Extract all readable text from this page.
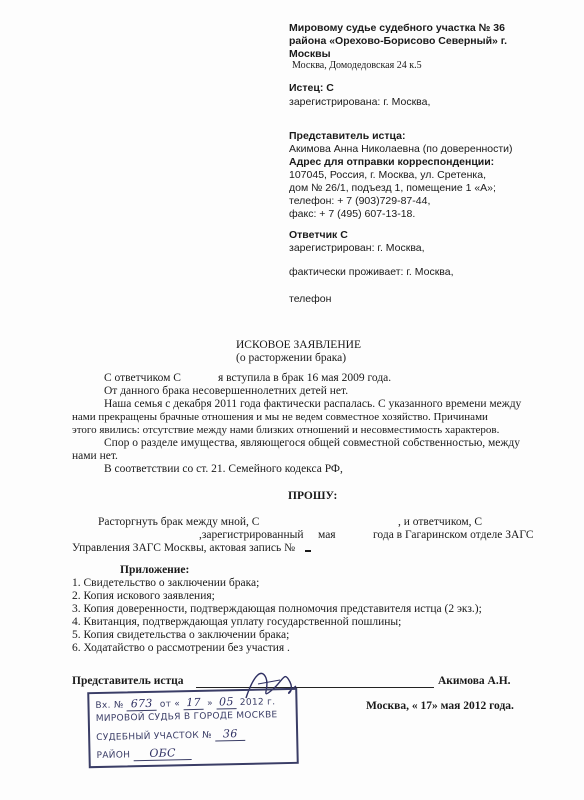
Мировому судье судебного участка № 36
района «Орехово-Борисово Северный» г.
Москвы
Москва, Домодедовская 24 к.5
Истец: С
зарегистрирована: г. Москва,
Представитель истца:
Акимова Анна Николаевна (по доверенности)
Адрес для отправки корреспонденции:
107045, Россия, г. Москва, ул. Сретенка,
дом № 26/1, подъезд 1, помещение 1 «А»;
телефон: + 7 (903)729-87-44,
факс: + 7 (495) 607-13-18.
Ответчик С
зарегистрирован: г. Москва,
фактически проживает: г. Москва,
телефон
ИСКОВОЕ ЗАЯВЛЕНИЕ
(о расторжении брака)
С ответчиком С	я вступила в брак 16 мая 2009 года.
От данного брака несовершеннолетних детей нет.
Наша семья с декабря 2011 года фактически распалась. С указанного времени между
нами прекращены брачные отношения и мы не ведем совместное хозяйство. Причинами
этого явились: отсутствие между нами близких отношений и несовместимость характеров.
Спор о разделе имущества, являющегося общей совместной собственностью, между
нами нет.
В соответствии со ст. 21. Семейного кодекса РФ,
ПРОШУ:
Расторгнуть брак между мной, С	, и ответчиком, С
,зарегистрированный мая	года в Гагаринском отделе ЗАГС
Управления ЗАГС Москвы, актовая запись №
Приложение:
1. Свидетельство о заключении брака;
2. Копия искового заявления;
3. Копия доверенности, подтверждающая полномочия представителя истца (2 экз.);
4. Квитанция, подтверждающая уплату государственной пошлины;
5. Копия свидетельства о заключении брака;
6. Ходатайство о рассмотрении без участия .
Представитель истца	Акимова А.Н.
Москва, « 17» мая 2012 года.
Вх. № 673 от « 17 » 05 2012 г.
МИРОВОЙ СУДЬЯ В ГОРОДЕ МОСКВЕ
СУДЕБНЫЙ УЧАСТОК № 36
РАЙОН ОБС
